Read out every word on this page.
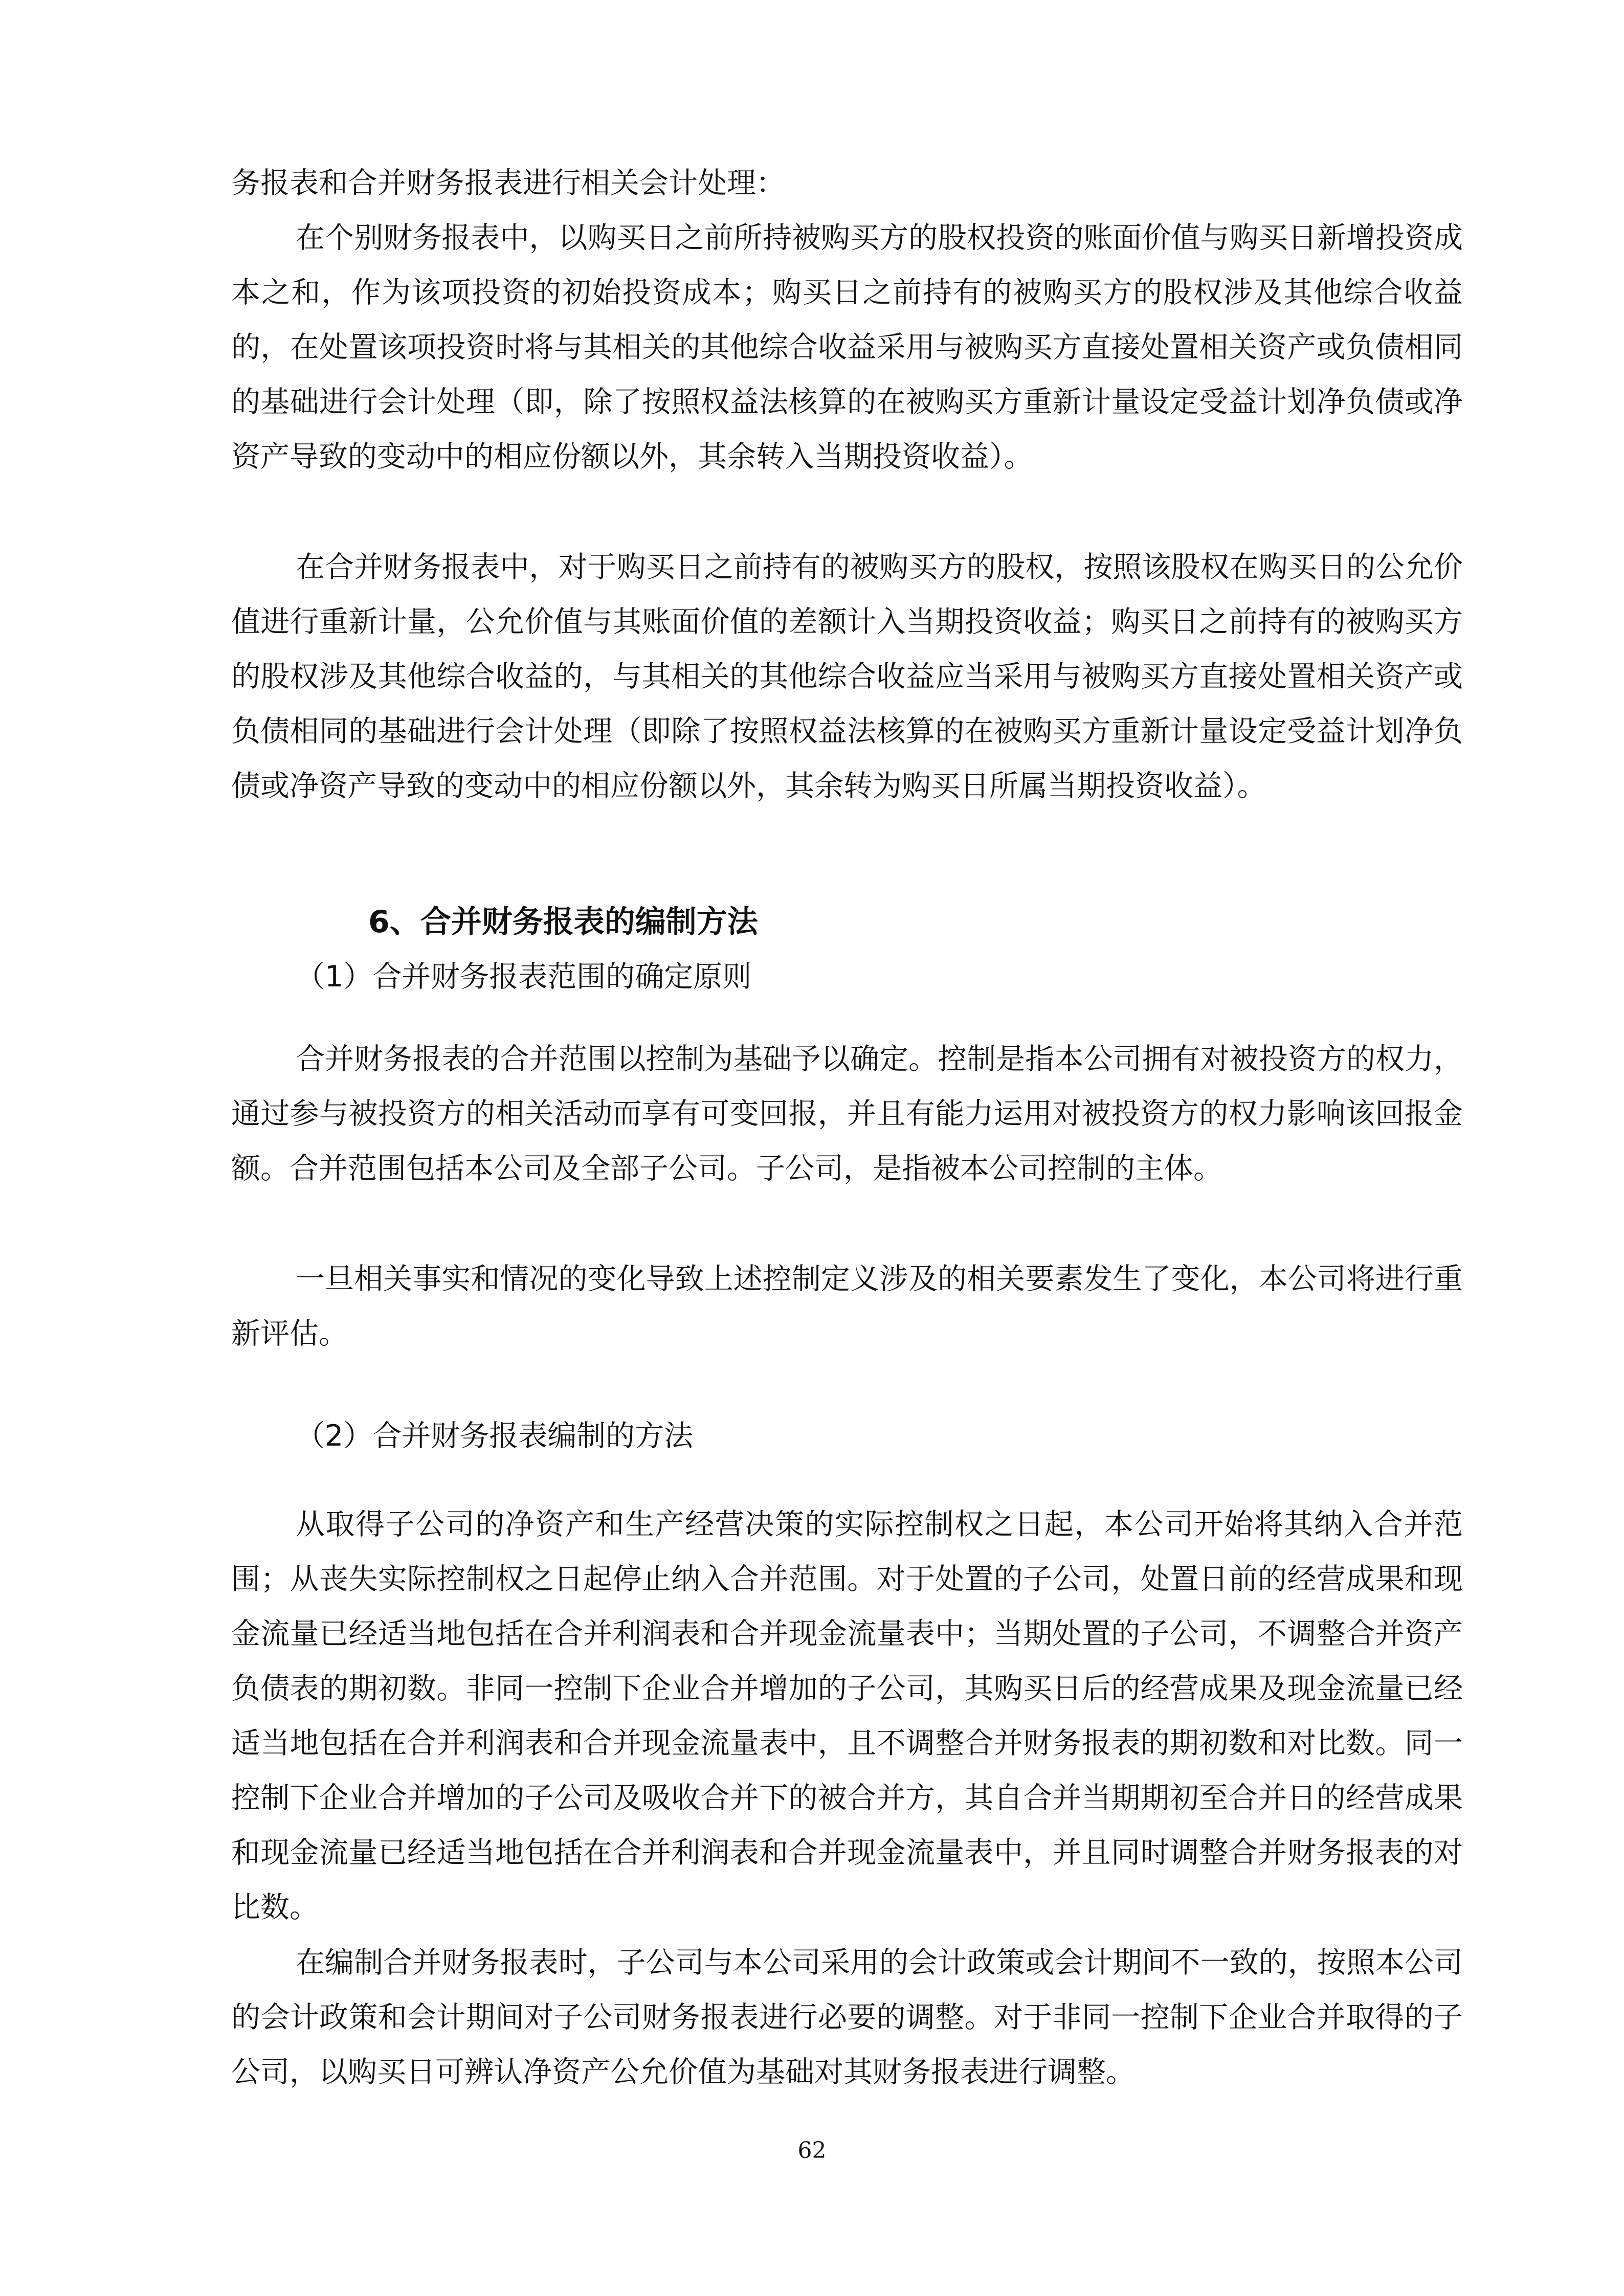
务报表和合并财务报表进行相关会计处理：

在个别财务报表中，以购买日之前所持被购买方的股权投资的账面价值与购买日新增投资成本之和，作为该项投资的初始投资成本；购买日之前持有的被购买方的股权涉及其他综合收益的，在处置该项投资时将与其相关的其他综合收益采用与被购买方直接处置相关资产或负债相同的基础进行会计处理（即，除了按照权益法核算的在被购买方重新计量设定受益计划净负债或净资产导致的变动中的相应份额以外，其余转入当期投资收益）。

在合并财务报表中，对于购买日之前持有的被购买方的股权，按照该股权在购买日的公允价值进行重新计量，公允价值与其账面价值的差额计入当期投资收益；购买日之前持有的被购买方的股权涉及其他综合收益的，与其相关的其他综合收益应当采用与被购买方直接处置相关资产或负债相同的基础进行会计处理（即除了按照权益法核算的在被购买方重新计量设定受益计划净负债或净资产导致的变动中的相应份额以外，其余转为购买日所属当期投资收益）。

6、合并财务报表的编制方法

（1）合并财务报表范围的确定原则

合并财务报表的合并范围以控制为基础予以确定。控制是指本公司拥有对被投资方的权力，通过参与被投资方的相关活动而享有可变回报，并且有能力运用对被投资方的权力影响该回报金额。合并范围包括本公司及全部子公司。子公司，是指被本公司控制的主体。

一旦相关事实和情况的变化导致上述控制定义涉及的相关要素发生了变化，本公司将进行重新评估。

（2）合并财务报表编制的方法

从取得子公司的净资产和生产经营决策的实际控制权之日起，本公司开始将其纳入合并范围；从丧失实际控制权之日起停止纳入合并范围。对于处置的子公司，处置日前的经营成果和现金流量已经适当地包括在合并利润表和合并现金流量表中；当期处置的子公司，不调整合并资产负债表的期初数。非同一控制下企业合并增加的子公司，其购买日后的经营成果及现金流量已经适当地包括在合并利润表和合并现金流量表中，且不调整合并财务报表的期初数和对比数。同一控制下企业合并增加的子公司及吸收合并下的被合并方，其自合并当期期初至合并日的经营成果和现金流量已经适当地包括在合并利润表和合并现金流量表中，并且同时调整合并财务报表的对比数。

在编制合并财务报表时，子公司与本公司采用的会计政策或会计期间不一致的，按照本公司的会计政策和会计期间对子公司财务报表进行必要的调整。对于非同一控制下企业合并取得的子公司，以购买日可辨认净资产公允价值为基础对其财务报表进行调整。

62
